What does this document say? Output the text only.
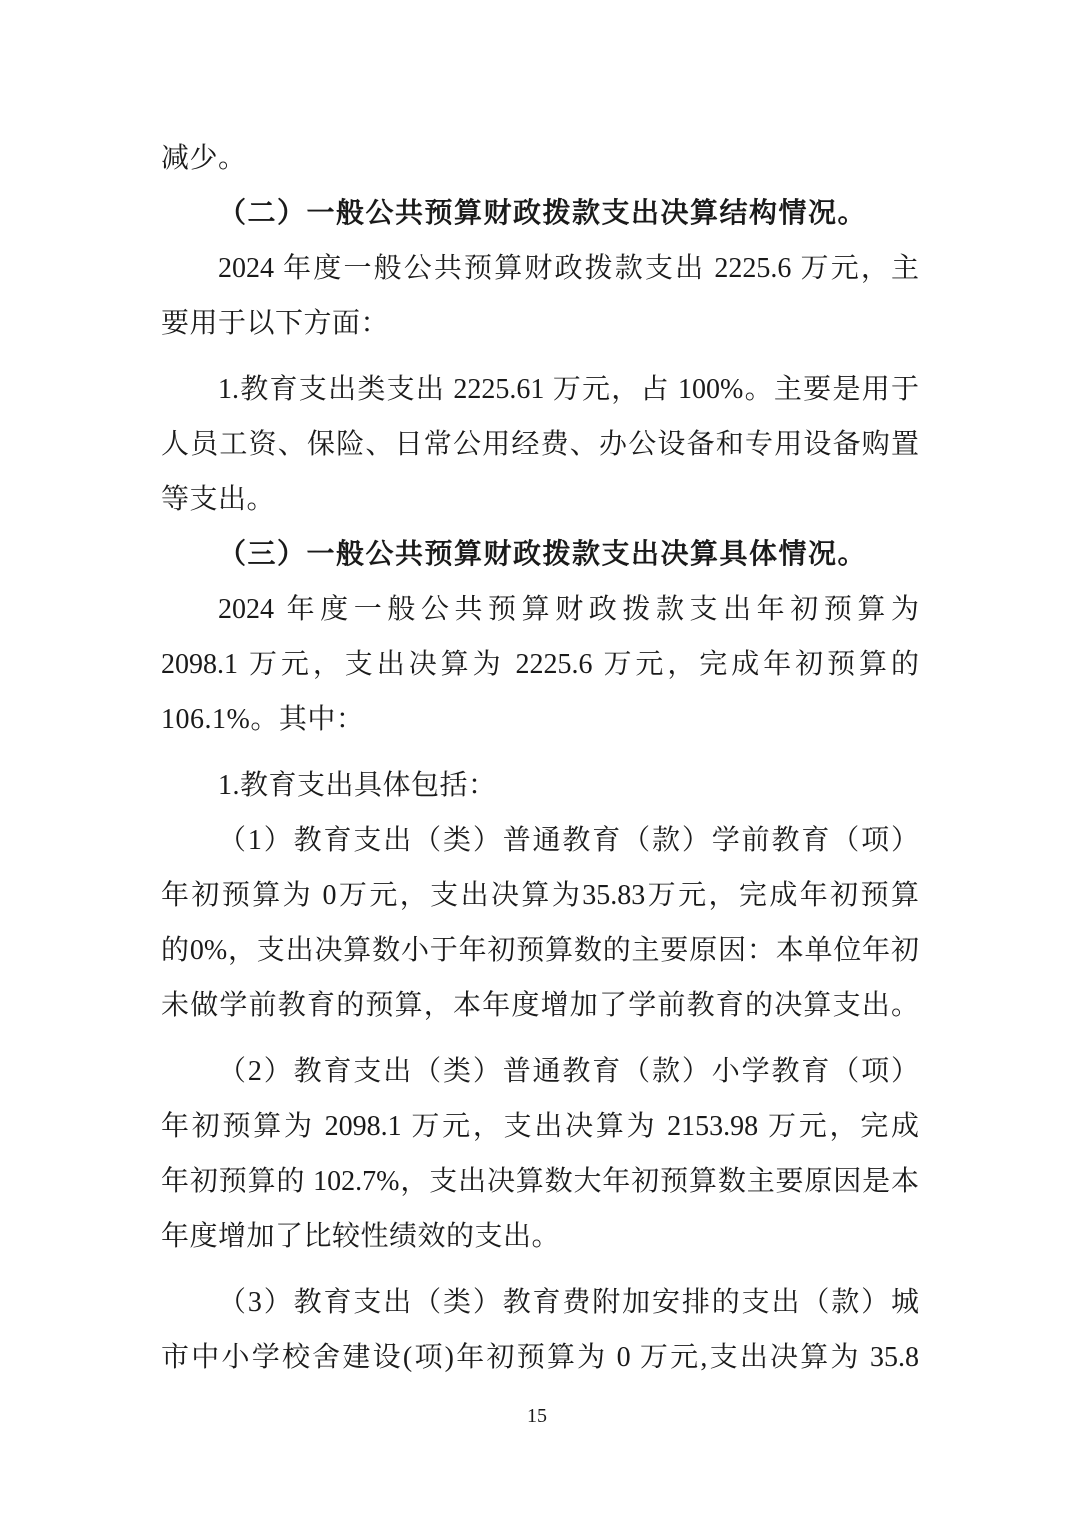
减少。
（二）一般公共预算财政拨款支出决算结构情况。
2024 年度一般公共预算财政拨款支出 2225.6 万元，主
要用于以下方面：
1.教育支出类支出 2225.61 万元，占 100%。主要是用于
人员工资、保险、日常公用经费、办公设备和专用设备购置
等支出。
（三）一般公共预算财政拨款支出决算具体情况。
2024 年度一般公共预算财政拨款支出年初预算为
2098.1 万元，支出决算为 2225.6 万元，完成年初预算的
106.1%。其中：
1.教育支出具体包括：
（1）教育支出（类）普通教育（款）学前教育（项）
年初预算为 0万元，支出决算为35.83万元，完成年初预算
的0%，支出决算数小于年初预算数的主要原因：本单位年初
未做学前教育的预算，本年度增加了学前教育的决算支出。
（2）教育支出（类）普通教育（款）小学教育（项）
年初预算为 2098.1 万元，支出决算为 2153.98 万元，完成
年初预算的 102.7%，支出决算数大年初预算数主要原因是本
年度增加了比较性绩效的支出。
（3）教育支出（类）教育费附加安排的支出（款）城
市中小学校舍建设(项)年初预算为 0 万元,支出决算为 35.8
15
